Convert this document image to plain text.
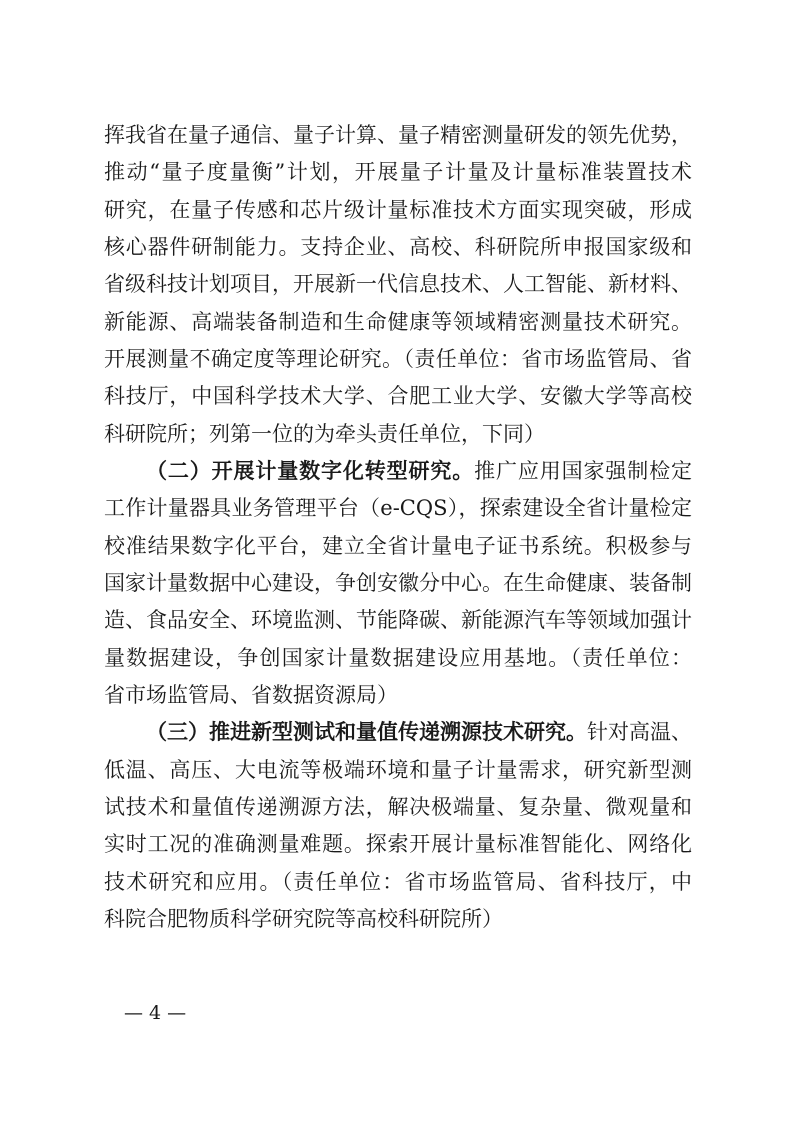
挥我省在量子通信、量子计算、量子精密测量研发的领先优势，
推动“量子度量衡”计划，开展量子计量及计量标准装置技术
研究，在量子传感和芯片级计量标准技术方面实现突破，形成
核心器件研制能力。支持企业、高校、科研院所申报国家级和
省级科技计划项目，开展新一代信息技术、人工智能、新材料、
新能源、高端装备制造和生命健康等领域精密测量技术研究。
开展测量不确定度等理论研究。（责任单位：省市场监管局、省
科技厅，中国科学技术大学、合肥工业大学、安徽大学等高校
科研院所；列第一位的为牵头责任单位，下同）
（二）开展计量数字化转型研究。推广应用国家强制检定
工作计量器具业务管理平台（e-CQS），探索建设全省计量检定
校准结果数字化平台，建立全省计量电子证书系统。积极参与
国家计量数据中心建设，争创安徽分中心。在生命健康、装备制
造、食品安全、环境监测、节能降碳、新能源汽车等领域加强计
量数据建设，争创国家计量数据建设应用基地。（责任单位：
省市场监管局、省数据资源局）
（三）推进新型测试和量值传递溯源技术研究。针对高温、
低温、高压、大电流等极端环境和量子计量需求，研究新型测
试技术和量值传递溯源方法，解决极端量、复杂量、微观量和
实时工况的准确测量难题。探索开展计量标准智能化、网络化
技术研究和应用。（责任单位：省市场监管局、省科技厅，中
科院合肥物质科学研究院等高校科研院所）
— 4 —
